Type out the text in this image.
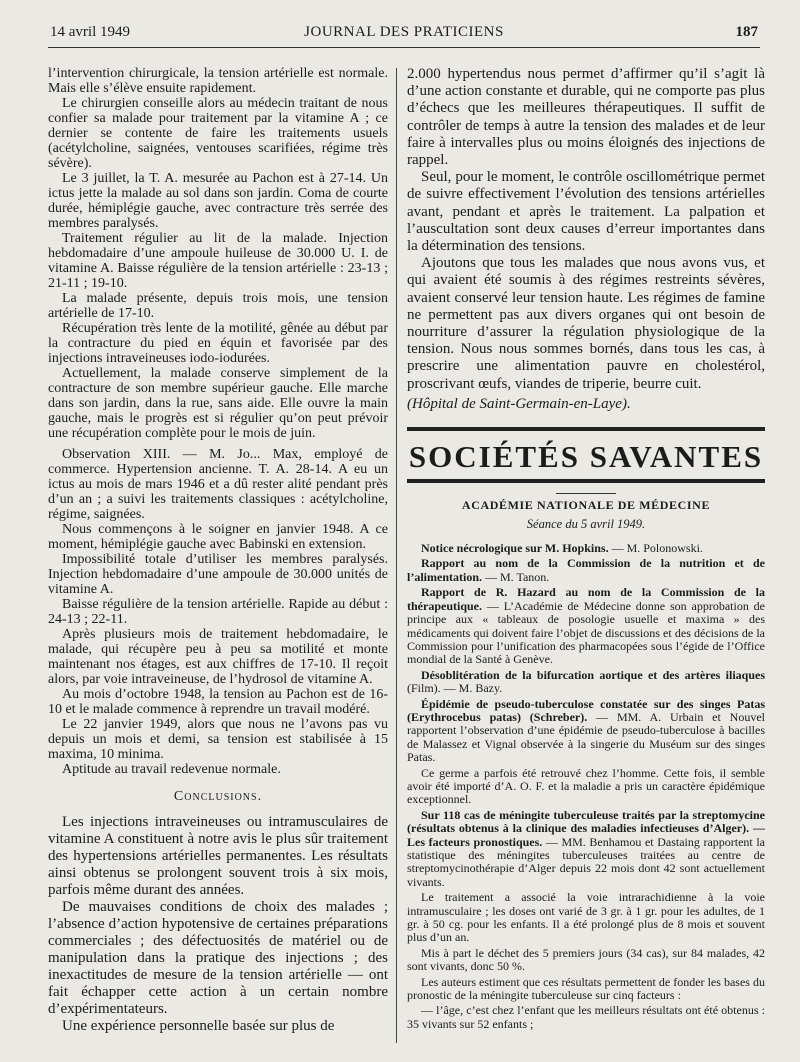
14 avril 1949	JOURNAL DES PRATICIENS	187

l’intervention chirurgicale, la tension artérielle est normale. Mais elle s’élève ensuite rapidement.

Le chirurgien conseille alors au médecin traitant de nous confier sa malade pour traitement par la vitamine A ; ce dernier se contente de faire les traitements usuels (acétylcholine, saignées, ventouses scarifiées, régime très sévère).

Le 3 juillet, la T. A. mesurée au Pachon est à 27-14. Un ictus jette la malade au sol dans son jardin. Coma de courte durée, hémiplégie gauche, avec contracture très serrée des membres paralysés.

Traitement régulier au lit de la malade. Injection hebdomadaire d’une ampoule huileuse de 30.000 U. I. de vitamine A. Baisse régulière de la tension artérielle : 23-13 ; 21-11 ; 19-10.

La malade présente, depuis trois mois, une tension artérielle de 17-10.

Récupération très lente de la motilité, gênée au début par la contracture du pied en équin et favorisée par des injections intraveineuses iodo-iodurées.

Actuellement, la malade conserve simplement de la contracture de son membre supérieur gauche. Elle marche dans son jardin, dans la rue, sans aide. Elle ouvre la main gauche, mais le progrès est si régulier qu’on peut prévoir une récupération complète pour le mois de juin.

Observation XIII. — M. Jo... Max, employé de commerce. Hypertension ancienne. T. A. 28-14. A eu un ictus au mois de mars 1946 et a dû rester alité pendant près d’un an ; a suivi les traitements classiques : acétylcholine, régime, saignées.

Nous commençons à le soigner en janvier 1948. A ce moment, hémiplégie gauche avec Babinski en extension.

Impossibilité totale d’utiliser les membres paralysés. Injection hebdomadaire d’une ampoule de 30.000 unités de vitamine A.

Baisse régulière de la tension artérielle. Rapide au début : 24-13 ; 22-11.

Après plusieurs mois de traitement hebdomadaire, le malade, qui récupère peu à peu sa motilité et monte maintenant nos étages, est aux chiffres de 17-10. Il reçoit alors, par voie intraveineuse, de l’hydrosol de vitamine A.

Au mois d’octobre 1948, la tension au Pachon est de 16-10 et le malade commence à reprendre un travail modéré.

Le 22 janvier 1949, alors que nous ne l’avons pas vu depuis un mois et demi, sa tension est stabilisée à 15 maxima, 10 minima.

Aptitude au travail redevenue normale.

Conclusions.

Les injections intraveineuses ou intramusculaires de vitamine A constituent à notre avis le plus sûr traitement des hypertensions artérielles permanentes. Les résultats ainsi obtenus se prolongent souvent trois à six mois, parfois même durant des années.

De mauvaises conditions de choix des malades ; l’absence d’action hypotensive de certaines préparations commerciales ; des défectuosités de matériel ou de manipulation dans la pratique des injections ; des inexactitudes de mesure de la tension artérielle — ont fait échapper cette action à un certain nombre d’expérimentateurs.

Une expérience personnelle basée sur plus de

2.000 hypertendus nous permet d’affirmer qu’il s’agit là d’une action constante et durable, qui ne comporte pas plus d’échecs que les meilleures thérapeutiques. Il suffit de contrôler de temps à autre la tension des malades et de leur faire à intervalles plus ou moins éloignés des injections de rappel.

Seul, pour le moment, le contrôle oscillométrique permet de suivre effectivement l’évolution des tensions artérielles avant, pendant et après le traitement. La palpation et l’auscultation sont deux causes d’erreur importantes dans la détermination des tensions.

Ajoutons que tous les malades que nous avons vus, et qui avaient été soumis à des régimes restreints sévères, avaient conservé leur tension haute. Les régimes de famine ne permettent pas aux divers organes qui ont besoin de nourriture d’assurer la régulation physiologique de la tension. Nous nous sommes bornés, dans tous les cas, à prescrire une alimentation pauvre en cholestérol, proscrivant œufs, viandes de triperie, beurre cuit.

(Hôpital de Saint-Germain-en-Laye).

SOCIÉTÉS SAVANTES
ACADÉMIE NATIONALE DE MÉDECINE
Séance du 5 avril 1949.

Notice nécrologique sur M. Hopkins. — M. Polonowski.

Rapport au nom de la Commission de la nutrition et de l’alimentation. — M. Tanon.

Rapport de R. Hazard au nom de la Commission de la thérapeutique. — L’Académie de Médecine donne son approbation de principe aux « tableaux de posologie usuelle et maxima » des médicaments qui doivent faire l’objet de discussions et des décisions de la Commission pour l’unification des pharmacopées sous l’égide de l’Office mondial de la Santé à Genève.

Désoblitération de la bifurcation aortique et des artères iliaques (Film). — M. Bazy.

Épidémie de pseudo-tuberculose constatée sur des singes Patas (Erythrocebus patas) (Schreber). — MM. A. Urbain et Nouvel rapportent l’observation d’une épidémie de pseudo-tuberculose à bacilles de Malassez et Vignal observée à la singerie du Muséum sur des singes Patas.

Ce germe a parfois été retrouvé chez l’homme. Cette fois, il semble avoir été importé d’A. O. F. et la maladie a pris un caractère épidémique exceptionnel.

Sur 118 cas de méningite tuberculeuse traités par la streptomycine (résultats obtenus à la clinique des maladies infectieuses d’Alger). — Les facteurs pronostiques. — MM. Benhamou et Dastaing rapportent la statistique des méningites tuberculeuses traitées au centre de streptomycinothérapie d’Alger depuis 22 mois dont 42 sont actuellement vivants.

Le traitement a associé la voie intrarachidienne à la voie intramusculaire ; les doses ont varié de 3 gr. à 1 gr. pour les adultes, de 1 gr. à 50 cg. pour les enfants. Il a été prolongé plus de 8 mois et souvent plus d’un an.

Mis à part le déchet des 5 premiers jours (34 cas), sur 84 malades, 42 sont vivants, donc 50 %.

Les auteurs estiment que ces résultats permettent de fonder les bases du pronostic de la méningite tuberculeuse sur cinq facteurs :

— l’âge, c’est chez l’enfant que les meilleurs résultats ont été obtenus : 35 vivants sur 52 enfants ;
